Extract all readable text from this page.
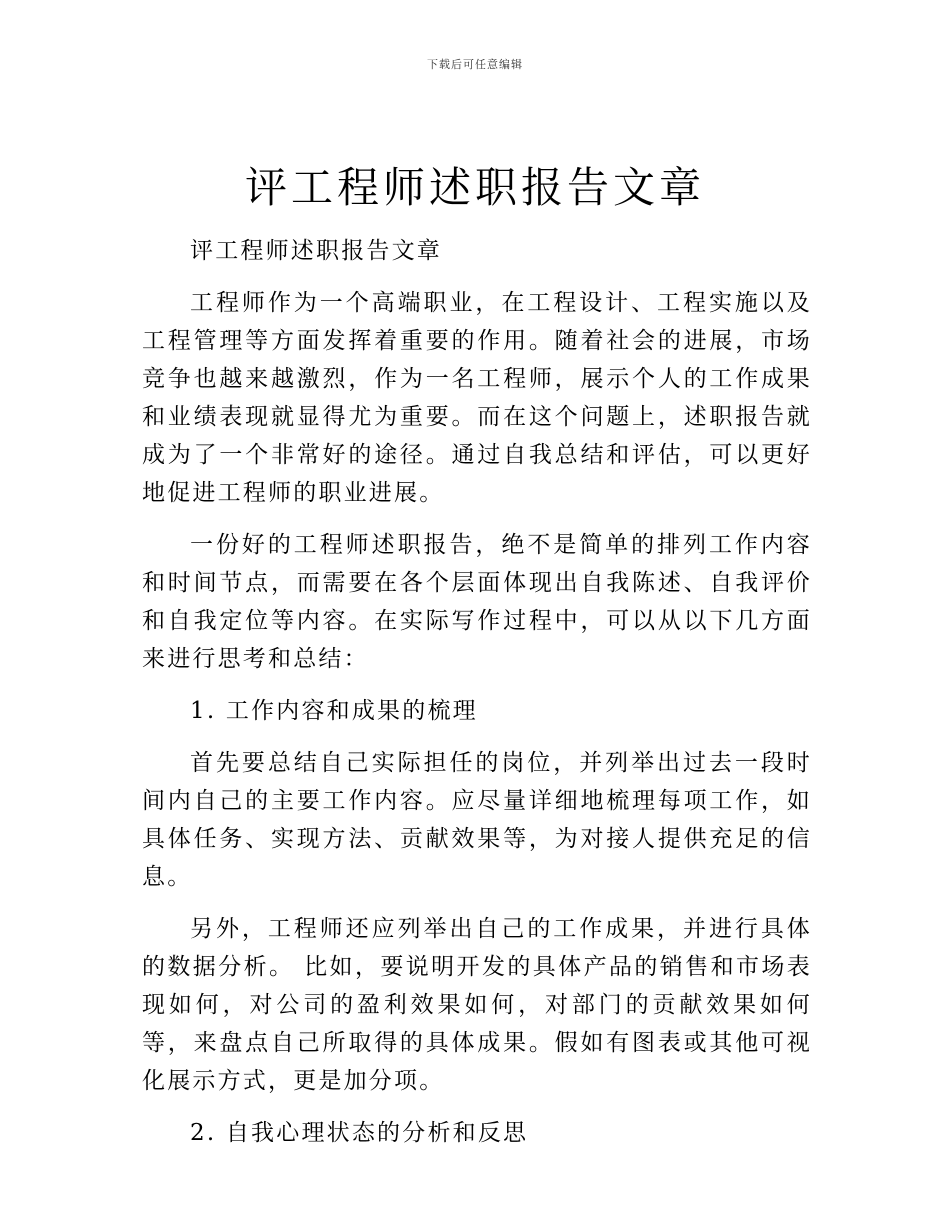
下载后可任意编辑
评工程师述职报告文章

评工程师述职报告文章

工程师作为一个高端职业，在工程设计、工程实施以及工程管理等方面发挥着重要的作用。随着社会的进展，市场竞争也越来越激烈，作为一名工程师，展示个人的工作成果和业绩表现就显得尤为重要。而在这个问题上，述职报告就成为了一个非常好的途径。通过自我总结和评估，可以更好地促进工程师的职业进展。

一份好的工程师述职报告，绝不是简单的排列工作内容和时间节点，而需要在各个层面体现出自我陈述、自我评价和自我定位等内容。在实际写作过程中，可以从以下几方面来进行思考和总结：

1. 工作内容和成果的梳理

首先要总结自己实际担任的岗位，并列举出过去一段时间内自己的主要工作内容。应尽量详细地梳理每项工作，如具体任务、实现方法、贡献效果等，为对接人提供充足的信息。

另外，工程师还应列举出自己的工作成果，并进行具体的数据分析。 比如，要说明开发的具体产品的销售和市场表现如何，对公司的盈利效果如何，对部门的贡献效果如何等，来盘点自己所取得的具体成果。假如有图表或其他可视化展示方式，更是加分项。

2. 自我心理状态的分析和反思
